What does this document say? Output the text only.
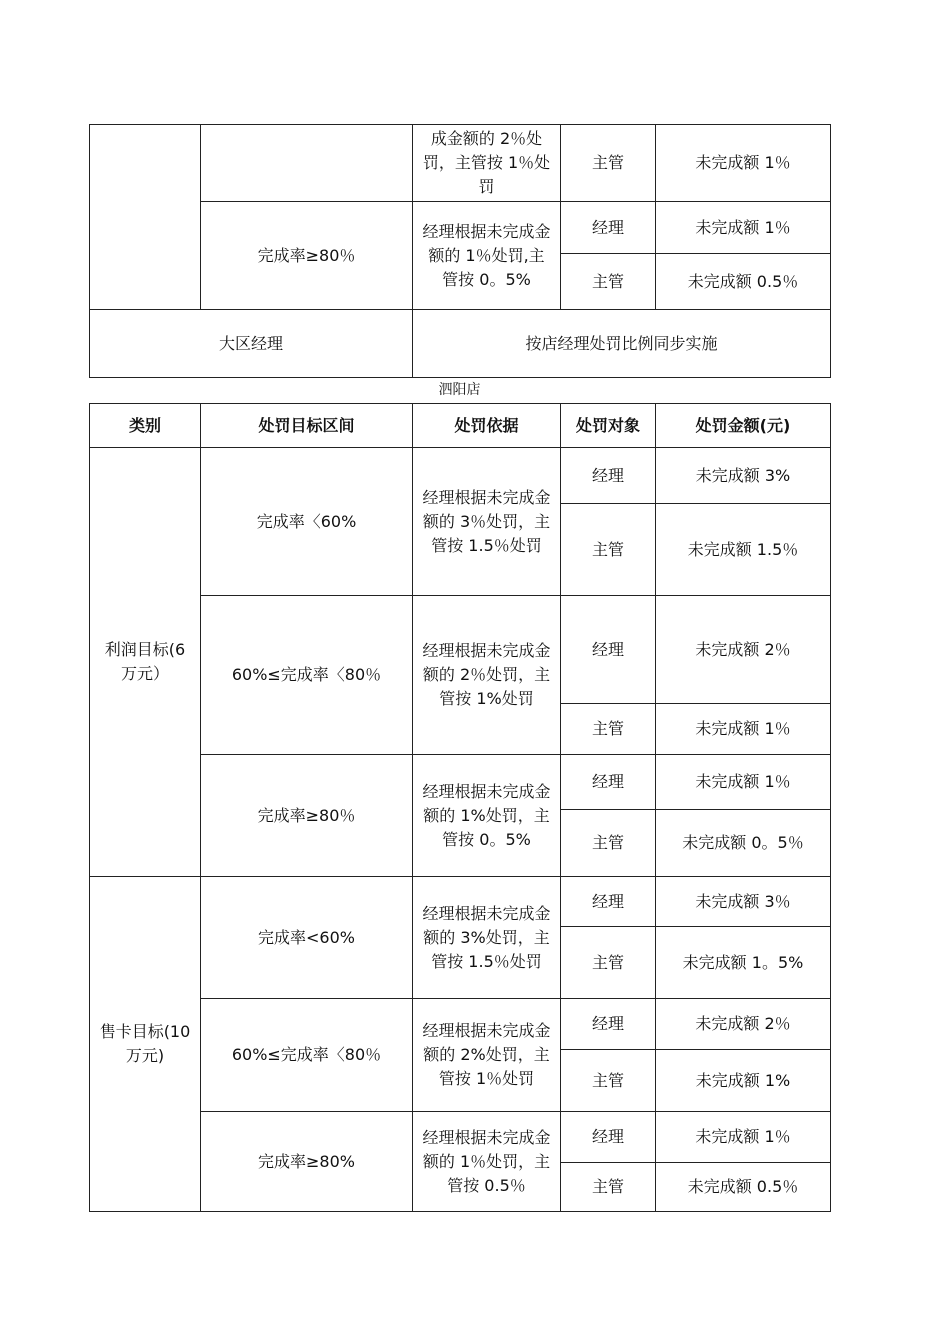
		成金额的 2％处罚，主管按 1％处罚	主管	未完成额 1％
	完成率≥80％	经理根据未完成金额的 1％处罚,主管按 0。5%	经理	未完成额 1％
			主管	未完成额 0.5％
大区经理		按店经理处罚比例同步实施		
泗阳店
类别	处罚目标区间	处罚依据	处罚对象	处罚金额(元)
利润目标(6 万元）	完成率〈60%	经理根据未完成金额的 3％处罚，主管按 1.5％处罚	经理	未完成额 3%
			主管	未完成额 1.5％
	60%≤完成率〈80％	经理根据未完成金额的 2％处罚，主管按 1%处罚	经理	未完成额 2％
			主管	未完成额 1％
	完成率≥80％	经理根据未完成金额的 1%处罚，主管按 0。5%	经理	未完成额 1％
			主管	未完成额 0。5％
售卡目标(10 万元)	完成率<60%	经理根据未完成金额的 3%处罚，主管按 1.5％处罚	经理	未完成额 3％
			主管	未完成额 1。5%
	60%≤完成率〈80％	经理根据未完成金额的 2%处罚，主管按 1％处罚	经理	未完成额 2％
			主管	未完成额 1%
	完成率≥80%	经理根据未完成金额的 1％处罚，主管按 0.5％	经理	未完成额 1％
			主管	未完成额 0.5％
